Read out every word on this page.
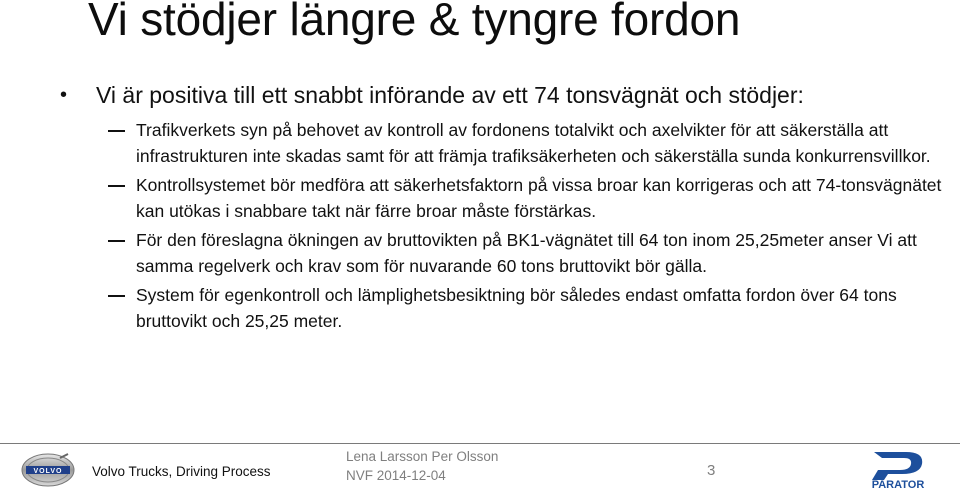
Vi stödjer längre & tyngre fordon
• Vi är positiva till ett snabbt införande av ett 74 tonsvägnät och stödjer:
Trafikverkets syn på behovet av kontroll av fordonens totalvikt och axelvikter för att säkerställa att infrastrukturen inte skadas samt för att främja trafiksäkerheten och säkerställa sunda konkurrensvillkor.
Kontrollsystemet bör medföra att säkerhetsfaktorn på vissa broar kan korrigeras och att 74-tonsvägnätet kan utökas i snabbare takt när färre broar måste förstärkas.
För den föreslagna ökningen av bruttovikten på BK1-vägnätet till 64 ton inom 25,25meter anser Vi att samma regelverk och krav som för nuvarande 60 tons bruttovikt bör gälla.
System för egenkontroll och lämplighetsbesiktning bör således endast omfatta fordon över 64 tons bruttovikt och 25,25 meter.
VOLVO Volvo Trucks, Driving Process
Lena Larsson Per Olsson
NVF 2014-12-04	3
PARATOR
